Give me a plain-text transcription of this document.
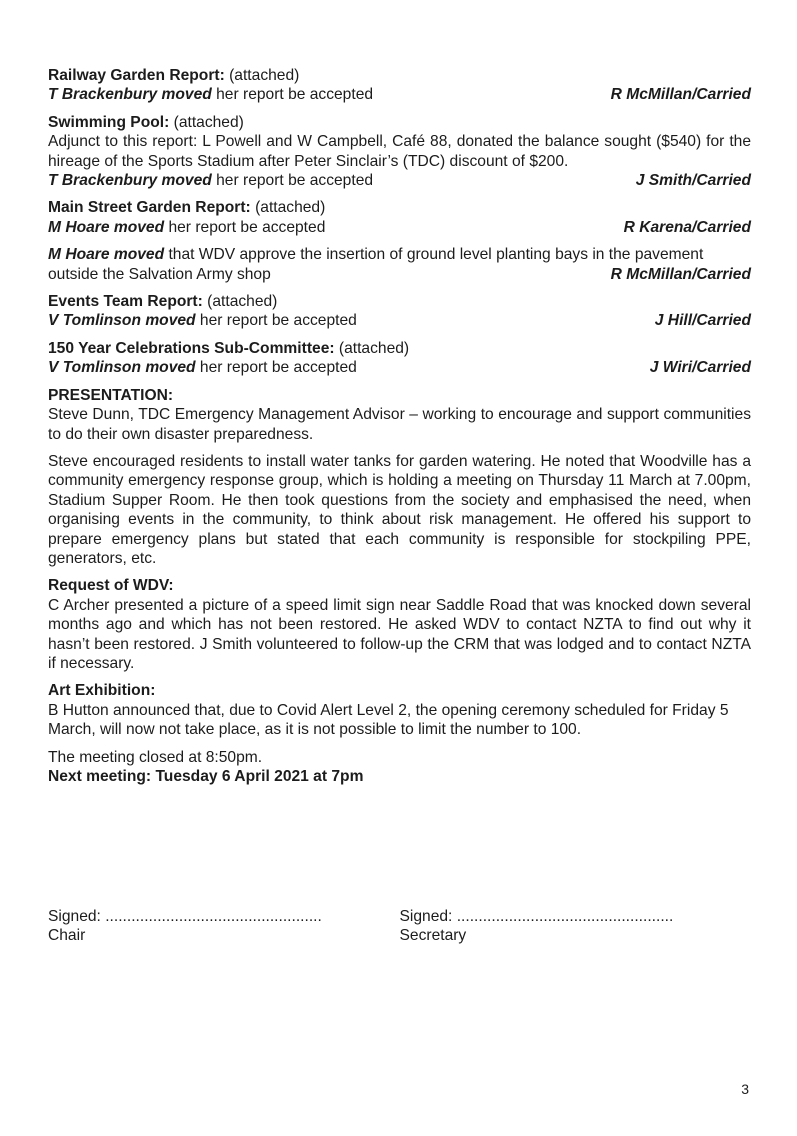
Railway Garden Report: (attached)
T Brackenbury moved her report be accepted	R McMillan/Carried
Swimming Pool: (attached)
Adjunct to this report: L Powell and W Campbell, Café 88, donated the balance sought ($540) for the hireage of the Sports Stadium after Peter Sinclair’s (TDC) discount of $200.
T Brackenbury moved her report be accepted	J Smith/Carried
Main Street Garden Report: (attached)
M Hoare moved her report be accepted	R Karena/Carried
M Hoare moved that WDV approve the insertion of ground level planting bays in the pavement
outside the Salvation Army shop	R McMillan/Carried
Events Team Report: (attached)
V Tomlinson moved her report be accepted	J Hill/Carried
150 Year Celebrations Sub-Committee: (attached)
V Tomlinson moved her report be accepted	J Wiri/Carried
PRESENTATION:
Steve Dunn, TDC Emergency Management Advisor – working to encourage and support communities to do their own disaster preparedness.
Steve encouraged residents to install water tanks for garden watering. He noted that Woodville has a community emergency response group, which is holding a meeting on Thursday 11 March at 7.00pm, Stadium Supper Room. He then took questions from the society and emphasised the need, when organising events in the community, to think about risk management. He offered his support to prepare emergency plans but stated that each community is responsible for stockpiling PPE, generators, etc.
Request of WDV:
C Archer presented a picture of a speed limit sign near Saddle Road that was knocked down several months ago and which has not been restored. He asked WDV to contact NZTA to find out why it hasn’t been restored. J Smith volunteered to follow-up the CRM that was lodged and to contact NZTA if necessary.
Art Exhibition:
B Hutton announced that, due to Covid Alert Level 2, the opening ceremony scheduled for Friday 5 March, will now not take place, as it is not possible to limit the number to 100.
The meeting closed at 8:50pm.
Next meeting: Tuesday 6 April 2021 at 7pm
Signed: ..................................................
Chair
Signed: ..................................................
Secretary
3
